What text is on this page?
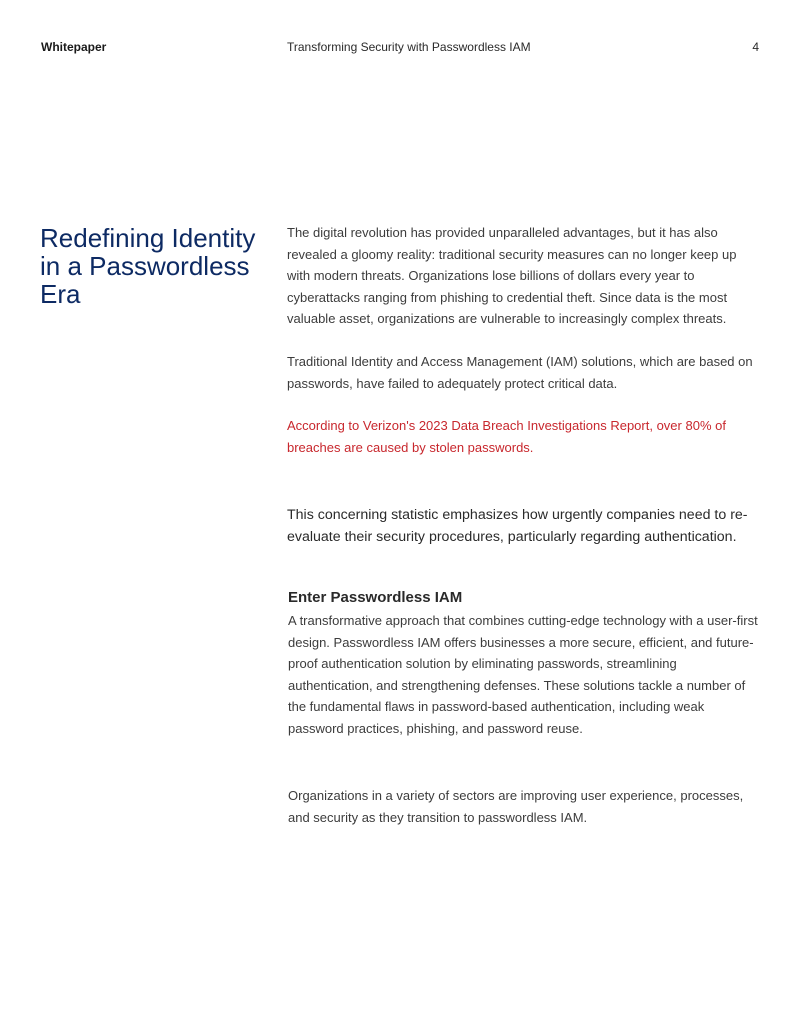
Whitepaper	Transforming Security with Passwordless IAM	4
Redefining Identity in a Passwordless Era

The digital revolution has provided unparalleled advantages, but it has also revealed a gloomy reality: traditional security measures can no longer keep up with modern threats. Organizations lose billions of dollars every year to cyberattacks ranging from phishing to credential theft. Since data is the most valuable asset, organizations are vulnerable to increasingly complex threats.

Traditional Identity and Access Management (IAM) solutions, which are based on passwords, have failed to adequately protect critical data.

According to Verizon's 2023 Data Breach Investigations Report, over 80% of breaches are caused by stolen passwords.

This concerning statistic emphasizes how urgently companies need to re-evaluate their security procedures, particularly regarding authentication.

Enter Passwordless IAM

A transformative approach that combines cutting-edge technology with a user-first design. Passwordless IAM offers businesses a more secure, efficient, and future-proof authentication solution by eliminating passwords, streamlining authentication, and strengthening defenses. These solutions tackle a number of the fundamental flaws in password-based authentication, including weak password practices, phishing, and password reuse.

Organizations in a variety of sectors are improving user experience, processes, and security as they transition to passwordless IAM.
